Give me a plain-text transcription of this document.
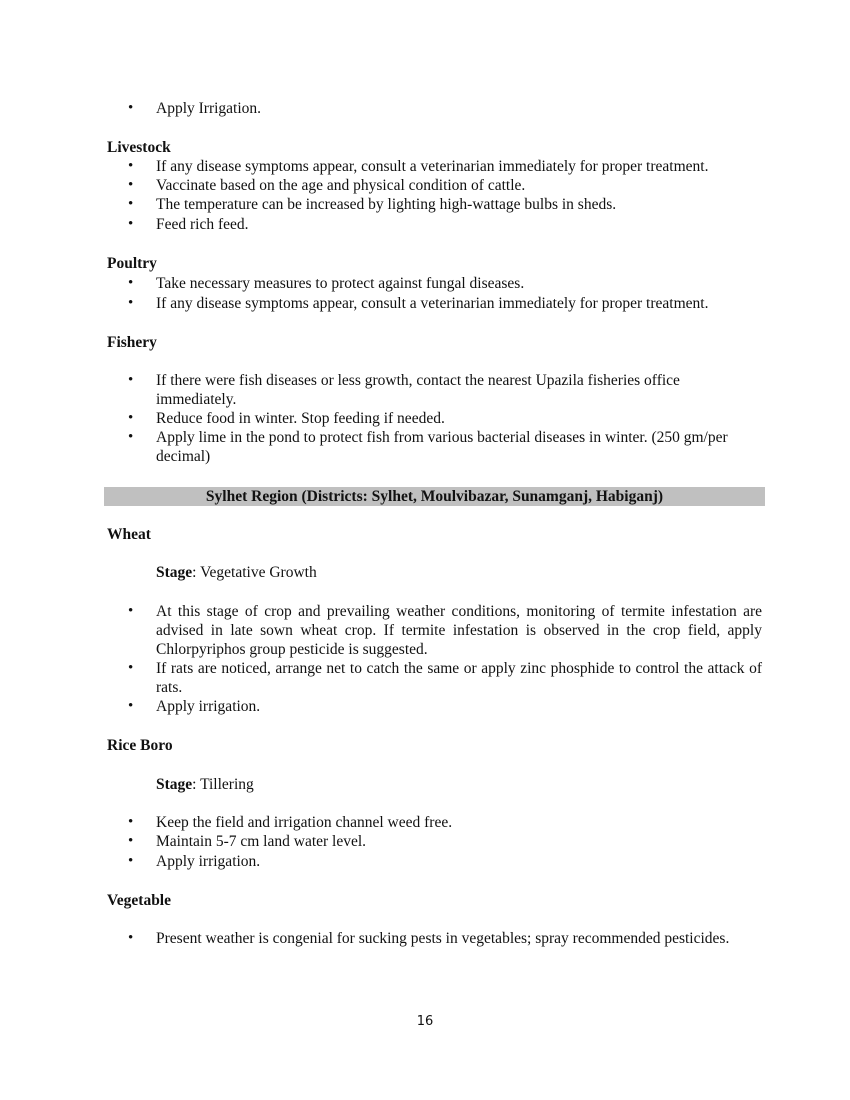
• Apply Irrigation.
Livestock
• If any disease symptoms appear, consult a veterinarian immediately for proper treatment.
• Vaccinate based on the age and physical condition of cattle.
• The temperature can be increased by lighting high-wattage bulbs in sheds.
• Feed rich feed.
Poultry
• Take necessary measures to protect against fungal diseases.
• If any disease symptoms appear, consult a veterinarian immediately for proper treatment.
Fishery
• If there were fish diseases or less growth, contact the nearest Upazila fisheries office immediately.
• Reduce food in winter. Stop feeding if needed.
• Apply lime in the pond to protect fish from various bacterial diseases in winter. (250 gm/per decimal)
Sylhet Region (Districts: Sylhet, Moulvibazar, Sunamganj, Habiganj)
Wheat
Stage: Vegetative Growth
• At this stage of crop and prevailing weather conditions, monitoring of termite infestation are advised in late sown wheat crop. If termite infestation is observed in the crop field, apply Chlorpyriphos group pesticide is suggested.
• If rats are noticed, arrange net to catch the same or apply zinc phosphide to control the attack of rats.
• Apply irrigation.
Rice Boro
Stage: Tillering
• Keep the field and irrigation channel weed free.
• Maintain 5-7 cm land water level.
• Apply irrigation.
Vegetable
• Present weather is congenial for sucking pests in vegetables; spray recommended pesticides.
16
